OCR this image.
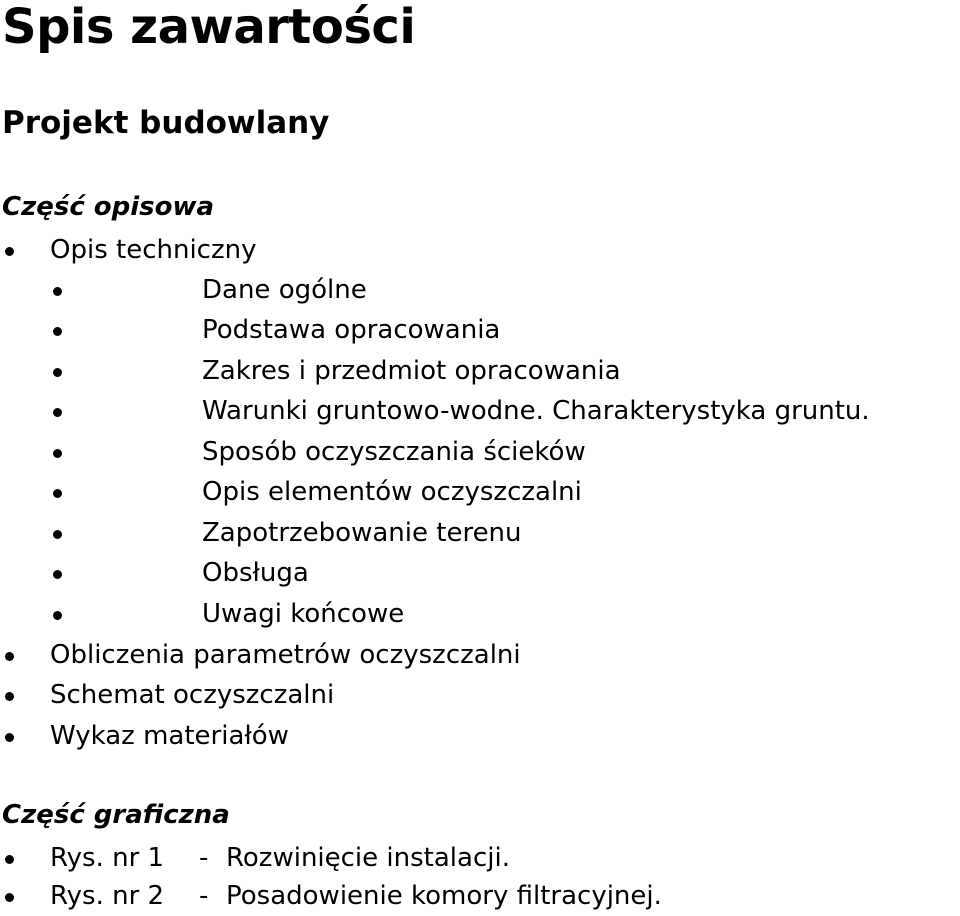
Spis zawartości
Projekt budowlany
Część opisowa
Opis techniczny
Dane ogólne
Podstawa opracowania
Zakres i przedmiot opracowania
Warunki gruntowo-wodne. Charakterystyka gruntu.
Sposób oczyszczania ścieków
Opis elementów oczyszczalni
Zapotrzebowanie terenu
Obsługa
Uwagi końcowe
Obliczenia parametrów oczyszczalni
Schemat oczyszczalni
Wykaz materiałów
Część graficzna
Rys. nr 1 - Rozwinięcie instalacji.
Rys. nr 2 - Posadowienie komory filtracyjnej.
